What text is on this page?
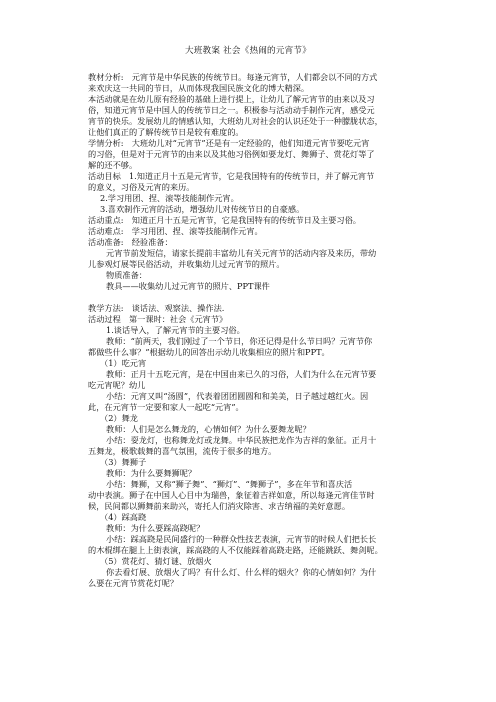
大班教案 社会《热闹的元宵节》
教材分析:　元宵节是中华民族的传统节日。每逢元宵节，人们都会以不同的方式
来欢庆这一共同的节日，从而体现我国民族文化的博大精深。
本活动就是在幼儿原有经验的基础上进行提上，让幼儿了解元宵节的由来以及习
俗，知道元宵节是中国人的传统节日之一。积极参与活动动手制作元宵，感受元
宵节的快乐。发展幼儿的情感认知，大班幼儿对社会的认识还处于一种朦胧状态，
让他们真正的了解传统节日是较有难度的。
学情分析:　大班幼儿对“元宵节”还是有一定经验的，他们知道元宵节要吃元宵
的习俗，但是对于元宵节的由来以及其他习俗例如要龙灯、舞狮子、赏花灯等了
解的还不够。
活动目标　1.知道正月十五是元宵节，它是我国特有的传统节日，并了解元宵节
的意义，习俗及元宵的来历。
2.学习用团、捏、滚等技能制作元宵。
3.喜欢制作元宵的活动，增强幼儿对传统节日的自豪感。
活动重点:　知道正月十五是元宵节，它是我国特有的传统节日及主要习俗。
活动难点:　学习用团、捏、滚等技能制作元宵。
活动准备:　经验准备：
元宵节前发短信，请家长提前丰富幼儿有关元宵节的活动内容及来历，带幼
儿参观灯展等民俗活动，并收集幼儿过元宵节的照片。
物质准备：
教具——收集幼儿过元宵节的照片、PPT课件
教学方法:　谈话法、观察法、操作法.
活动过程　第一课时：社会《元宵节》
1.谈话导入，了解元宵节的主要习俗。
教师：“前两天，我们刚过了一个节日，你还记得是什么节日吗？元宵节你
都做些什么事？”根据幼儿的回答出示幼儿收集相应的照片和PPT。
（1）吃元宵
教师：正月十五吃元宵，是在中国由来已久的习俗，人们为什么在元宵节要
吃元宵呢？幼儿
小结：元宵又叫“汤圆”，代表着团团圆圆和和美美，日子越过越红火。因
此，在元宵节一定要和家人一起吃“元宵”。
（2）舞龙
教师：人们是怎么舞龙的，心情如何？为什么要舞龙呢？
小结：耍龙灯，也称舞龙灯或龙舞。中华民族把龙作为吉祥的象征。正月十
五舞龙，极歌载舞的喜气氛围，流传于很多的地方。
（3）舞狮子
教师：为什么要舞狮呢？
小结：舞狮，又称“狮子舞”、“狮灯”、“舞狮子”，多在年节和喜庆活
动中表演。狮子在中国人心目中为瑞兽，象征着吉祥如意，所以每逢元宵佳节时
候，民间都以狮舞前来助兴，寄托人们消灾除害、求吉纳福的美好意愿。
（4）踩高跷
教师：为什么要踩高跷呢？
小结：踩高跷是民间盛行的一种群众性技艺表演，元宵节的时候人们把长长
的木棍绑在腿上上街表演，踩高跷的人不仅能踩着高跷走路，还能跳跃、舞剑呢。
（5）赏花灯、猜灯谜、放烟火
你去看灯展、放烟火了吗？有什么灯、什么样的烟火？你的心情如何？为什
么要在元宵节赏花灯呢？
